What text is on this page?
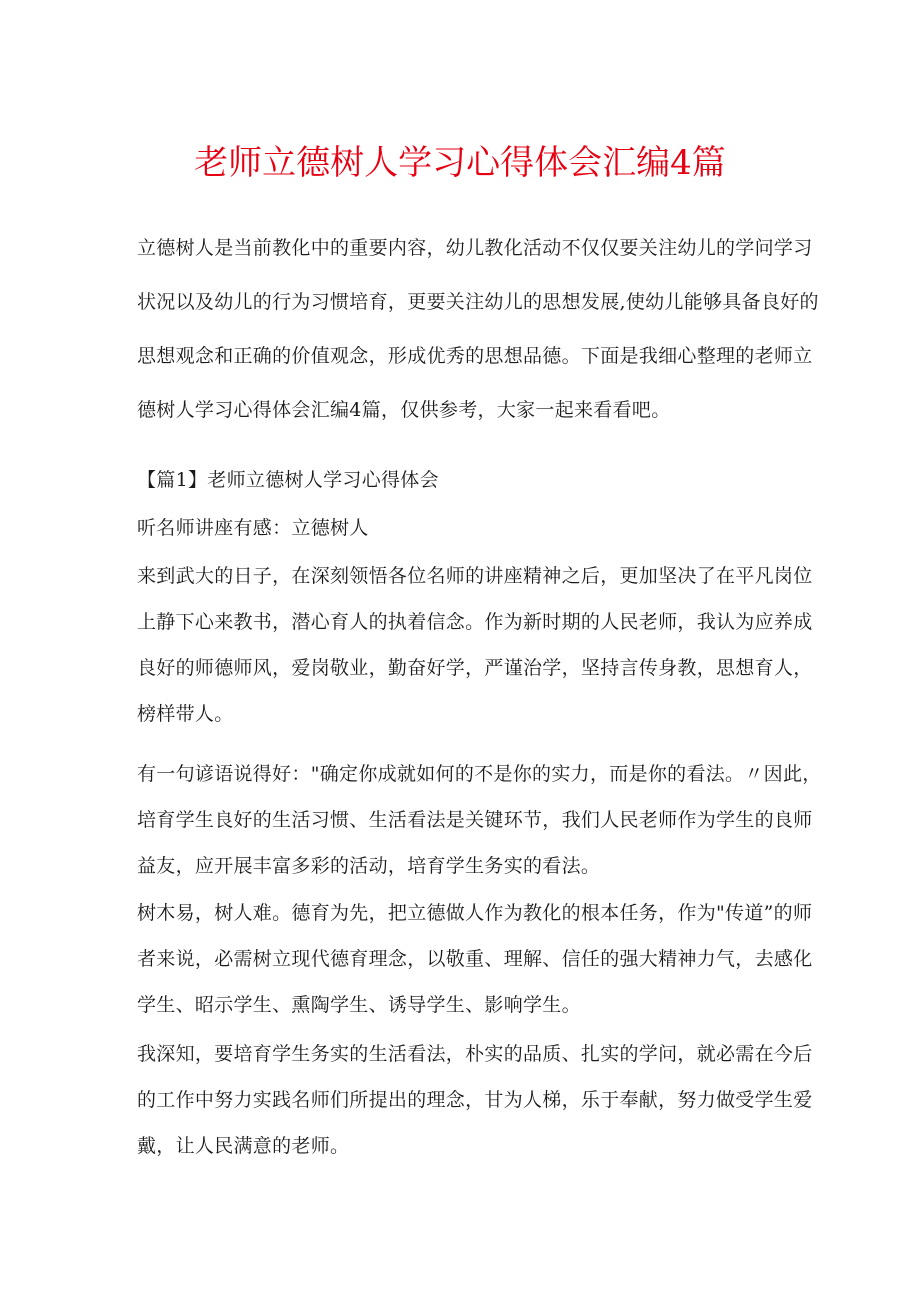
老师立德树人学习心得体会汇编4篇
立德树人是当前教化中的重要内容，幼儿教化活动不仅仅要关注幼儿的学问学习
状况以及幼儿的行为习惯培育，更要关注幼儿的思想发展,使幼儿能够具备良好的
思想观念和正确的价值观念，形成优秀的思想品德。下面是我细心整理的老师立
德树人学习心得体会汇编4篇，仅供参考，大家一起来看看吧。
【篇1】老师立德树人学习心得体会
听名师讲座有感：立德树人
来到武大的日子，在深刻领悟各位名师的讲座精神之后，更加坚决了在平凡岗位
上静下心来教书，潜心育人的执着信念。作为新时期的人民老师，我认为应养成
良好的师德师风，爱岗敬业，勤奋好学，严谨治学，坚持言传身教，思想育人，
榜样带人。
有一句谚语说得好："确定你成就如何的不是你的实力，而是你的看法。〃因此，
培育学生良好的生活习惯、生活看法是关键环节，我们人民老师作为学生的良师
益友，应开展丰富多彩的活动，培育学生务实的看法。
树木易，树人难。德育为先，把立德做人作为教化的根本任务，作为"传道”的师
者来说，必需树立现代德育理念，以敬重、理解、信任的强大精神力气，去感化
学生、昭示学生、熏陶学生、诱导学生、影响学生。
我深知，要培育学生务实的生活看法，朴实的品质、扎实的学问，就必需在今后
的工作中努力实践名师们所提出的理念，甘为人梯，乐于奉献，努力做受学生爱
戴，让人民满意的老师。
